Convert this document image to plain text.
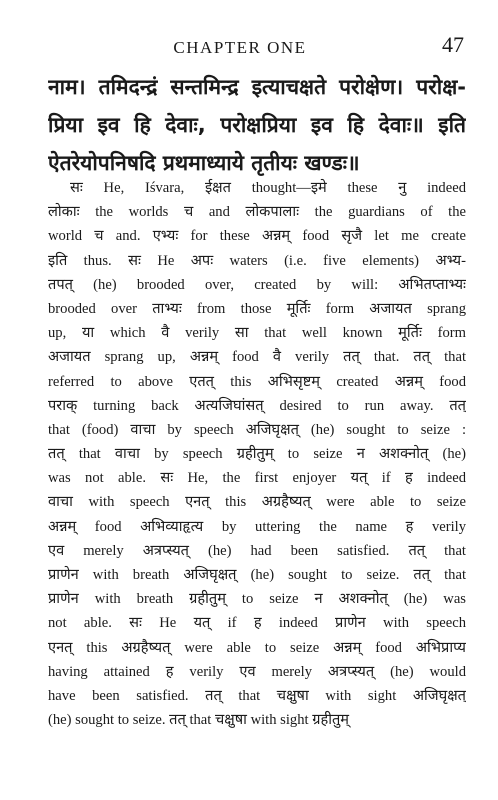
CHAPTER ONE	47
नाम। तमिदन्द्रं सन्तमिन्द्र इत्याचक्षते परोक्षेण। परोक्ष-
प्रिया इव हि देवाः, परोक्षप्रिया इव हि देवाः॥ इति
ऐतरेयोपनिषदि प्रथमाध्याये तृतीयः खण्डः॥
सः He, Iśvara, ईक्षत thought—इमे these नु indeed
लोकाः the worlds च and लोकपालाः the guardians of the
world च and. एभ्यः for these अन्नम् food सृजै let me create
इति thus. सः He अपः waters (i.e. five elements) अभ्य-
तपत् (he) brooded over, created by will: अभितप्ताभ्यः
brooded over ताभ्यः from those मूर्तिः form अजायत sprang
up, या which वै verily सा that well known मूर्तिः form
अजायत sprang up, अन्नम् food वै verily तत् that. तत् that
referred to above एतत् this अभिसृष्टम् created अन्नम् food
पराक् turning back अत्यजिघांसत् desired to run away. तत्
that (food) वाचा by speech अजिघृक्षत् (he) sought to seize :
तत् that वाचा by speech ग्रहीतुम् to seize न अशक्नोत् (he)
was not able. सः He, the first enjoyer यत् if ह indeed
वाचा with speech एनत् this अग्रहैष्यत् were able to seize
अन्नम् food अभिव्याहृत्य by uttering the name ह verily
एव merely अत्रप्स्यत् (he) had been satisfied. तत् that
प्राणेन with breath अजिघृक्षत् (he) sought to seize. तत् that
प्राणेन with breath ग्रहीतुम् to seize न अशक्नोत् (he) was
not able. सः He यत् if ह indeed प्राणेन with speech
एनत् this अग्रहैष्यत् were able to seize अन्नम् food अभिप्राप्य
having attained ह verily एव merely अत्रप्स्यत् (he) would
have been satisfied. तत् that चक्षुषा with sight अजिघृक्षत्
(he) sought to seize. तत् that चक्षुषा with sight ग्रहीतुम्
